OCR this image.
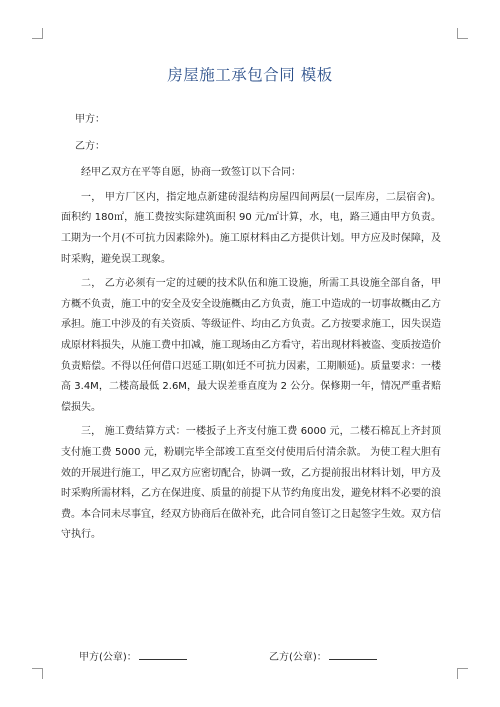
房屋施工承包合同 模板

甲方：

乙方：

经甲乙双方在平等自愿，协商一致签订以下合同：

一， 甲方厂区内，指定地点新建砖混结构房屋四间两层(一层库房，二层宿舍)。面积约 180㎡，施工费按实际建筑面积 90 元/㎡计算，水，电，路三通由甲方负责。工期为一个月(不可抗力因素除外)。施工原材料由乙方提供计划。甲方应及时保障，及时采购，避免误工现象。

二， 乙方必须有一定的过硬的技术队伍和施工设施，所需工具设施全部自备，甲方概不负责，施工中的安全及安全设施概由乙方负责，施工中造成的一切事故概由乙方承担。施工中涉及的有关资质、等级证件、均由乙方负责。乙方按要求施工，因失误造成原材料损失，从施工费中扣减，施工现场由乙方看守，若出现材料被盗、变质按造价负责赔偿。不得以任何借口迟延工期(如迁不可抗力因素，工期顺延)。质量要求：一楼高 3.4M，二楼高最低 2.6M，最大误差垂直度为 2 公分。保修期一年，情况严重者赔偿损失。

三， 施工费结算方式：一楼扳子上齐支付施工费 6000 元，二楼石棉瓦上齐封顶支付施工费 5000 元，粉刷完毕全部竣工直至交付使用后付清余款。 为使工程大胆有效的开展进行施工，甲乙双方应密切配合，协调一致，乙方提前报出材料计划，甲方及时采购所需材料，乙方在保进度、质量的前提下从节约角度出发，避免材料不必要的浪费。本合同未尽事宜，经双方协商后在做补充，此合同自签订之日起签字生效。双方信守执行。

甲方(公章)：	乙方(公章)：
